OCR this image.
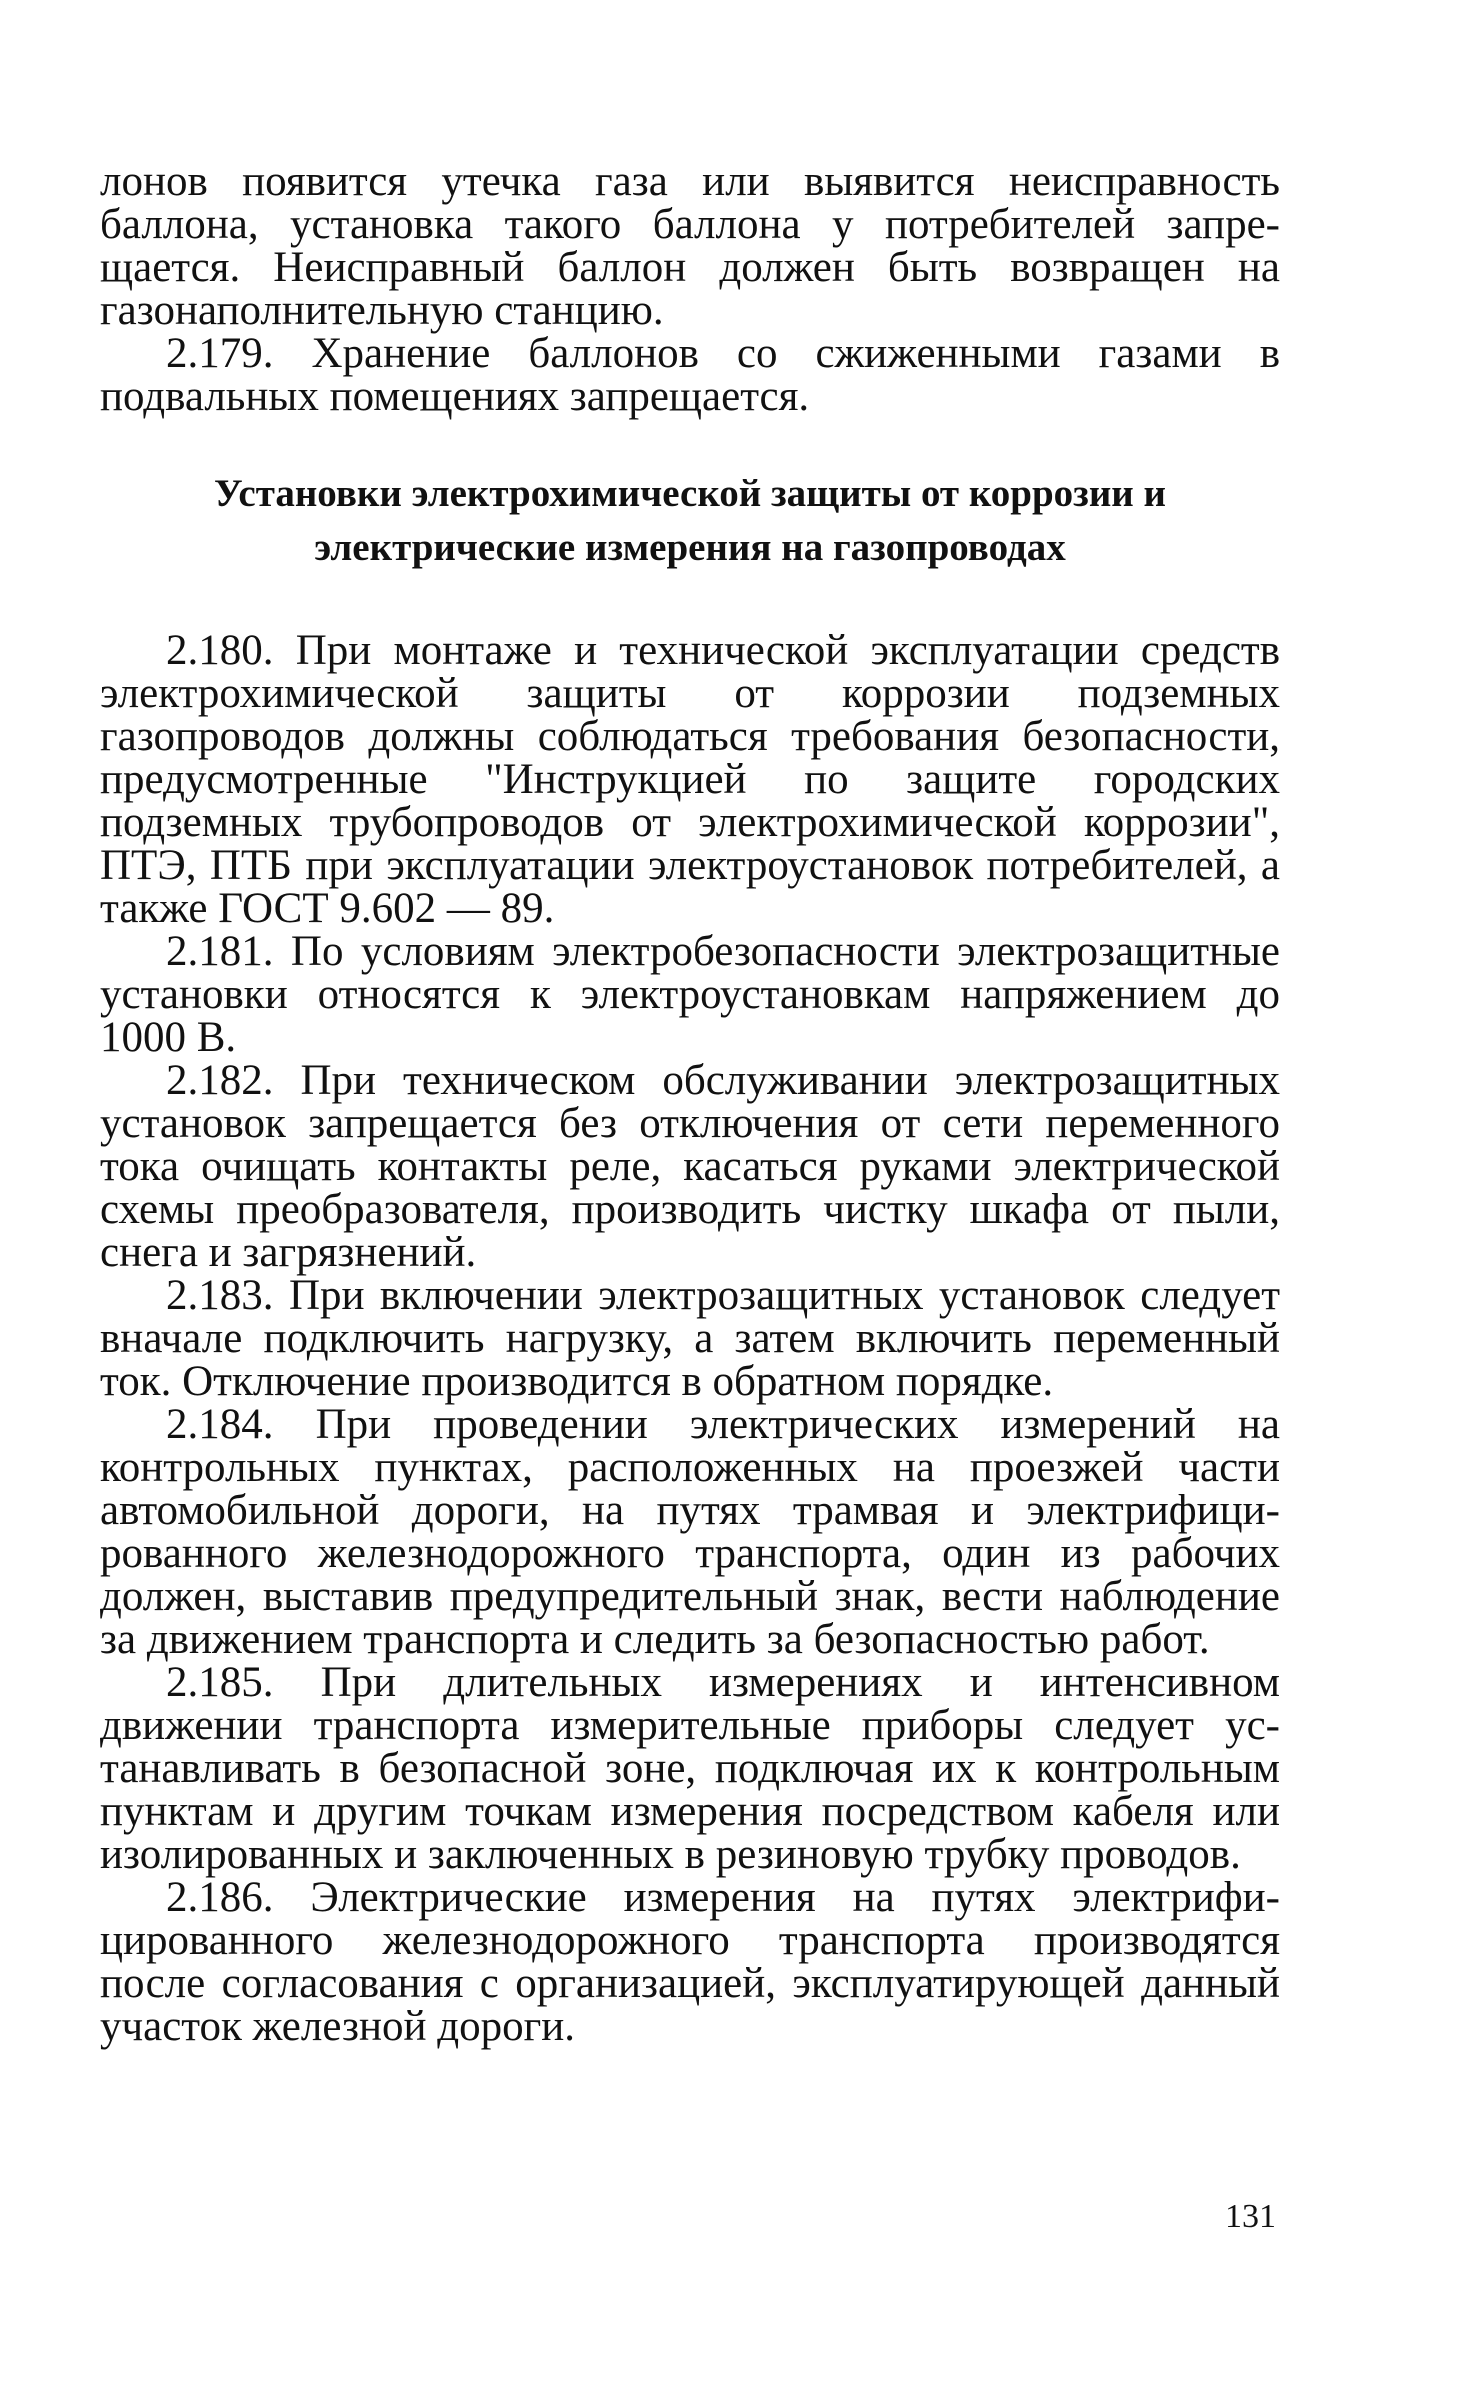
лонов появится утечка газа или выявится неисправность баллона, установка такого баллона у потребителей запрещается. Неисправный баллон должен быть возвращен на газонаполнительную станцию.

2.179. Хранение баллонов со сжиженными газами в подвальных помещениях запрещается.

Установки электрохимической защиты от коррозии и электрические измерения на газопроводах

2.180. При монтаже и технической эксплуатации средств электрохимической защиты от коррозии подземных газопроводов должны соблюдаться требования безопасности, предусмотренные "Инструкцией по защите городских подземных трубопроводов от электрохимической коррозии", ПТЭ, ПТБ при эксплуатации электроустановок потребителей, а также ГОСТ 9.602 — 89.

2.181. По условиям электробезопасности электрозащитные установки относятся к электроустановкам напряжением до 1000 В.

2.182. При техническом обслуживании электрозащитных установок запрещается без отключения от сети переменного тока очищать контакты реле, касаться руками электрической схемы преобразователя, производить чистку шкафа от пыли, снега и загрязнений.

2.183. При включении электрозащитных установок следует вначале подключить нагрузку, а затем включить переменный ток. Отключение производится в обратном порядке.

2.184. При проведении электрических измерений на контрольных пунктах, расположенных на проезжей части автомобильной дороги, на путях трамвая и электрифицированного железнодорожного транспорта, один из рабочих должен, выставив предупредительный знак, вести наблюдение за движением транспорта и следить за безопасностью работ.

2.185. При длительных измерениях и интенсивном движении транспорта измерительные приборы следует устанавливать в безопасной зоне, подключая их к контрольным пунктам и другим точкам измерения посредством кабеля или изолированных и заключенных в резиновую трубку проводов.

2.186. Электрические измерения на путях электрифицированного железнодорожного транспорта производятся после согласования с организацией, эксплуатирующей данный участок железной дороги.

131
